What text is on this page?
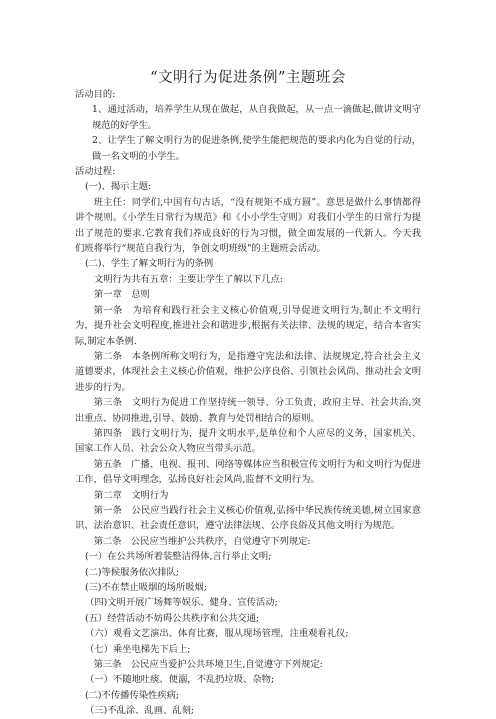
“文明行为促进条例”主题班会

活动目的:

1、通过活动，培养学生从现在做起，从自我做起，从一点一滴做起,做讲文明守规范的好学生。

2、让学生了解文明行为的促进条例,使学生能把规范的要求内化为自觉的行动，做一名文明的小学生。

活动过程:

(一)、揭示主题:

班主任：同学们,中国有句古话，“没有规矩不成方圆”。意思是做什么事情都得讲个规则。《小学生日常行为规范》和《小小学生守则》对我们小学生的日常行为提出了规范的要求.它教育我们养成良好的行为习惯，做全面发展的一代新人。今天我们班将举行“规范自我行为，争创文明班级"的主题班会活动。

(二)、学生了解文明行为的条例

文明行为共有五章：主要让学生了解以下几点:

第一章　总则

第一条　为培育和践行社会主义核心价值观,引导促进文明行为,制止不文明行为，提升社会文明程度,推进社会和谐进步,根据有关法律、法规的规定，结合本省实际,制定本条例.

第二条　本条例所称文明行为，是指遵守宪法和法律、法规规定,符合社会主义道德要求，体现社会主义核心价值观，维护公序良俗、引领社会风尚、推动社会文明进步的行为。

第三条　文明行为促进工作坚持统一领导、分工负责，政府主导、社会共治,突出重点、协同推进,引导、鼓励、教育与处罚相结合的原则。

第四条　践行文明行为，提升文明水平,是单位和个人应尽的义务，国家机关、国家工作人员、社会公众人物应当带头示范。

第五条　广播、电视、报刊、网络等媒体应当积极宣传文明行为和文明行为促进工作，倡导文明理念，弘扬良好社会风尚,监督不文明行为。

第二章　文明行为

第一条　公民应当践行社会主义核心价值观,弘扬中华民族传统美德,树立国家意识、法治意识、社会责任意识，遵守法律法规、公序良俗及其他文明行为规范。

第二条　公民应当维护公共秩序，自觉遵守下列规定:

(一）在公共场所着装整洁得体,言行举止文明;

(二)等候服务依次排队;

(三)不在禁止吸烟的场所吸烟;

（四)文明开展广场舞等娱乐、健身、宣传活动;

(五）经营活动不妨碍公共秩序和公共交通;

（六）观看文艺演出、体育比赛，服从现场管理，注重观看礼仪;

（七）乘坐电梯先下后上;

第三条　公民应当爱护公共环境卫生,自觉遵守下列规定:

（一）不随地吐痰、便溺，不乱扔垃圾、杂物;

(二)不传播传染性疾病;

（三)不乱涂、乱画、乱刻;
